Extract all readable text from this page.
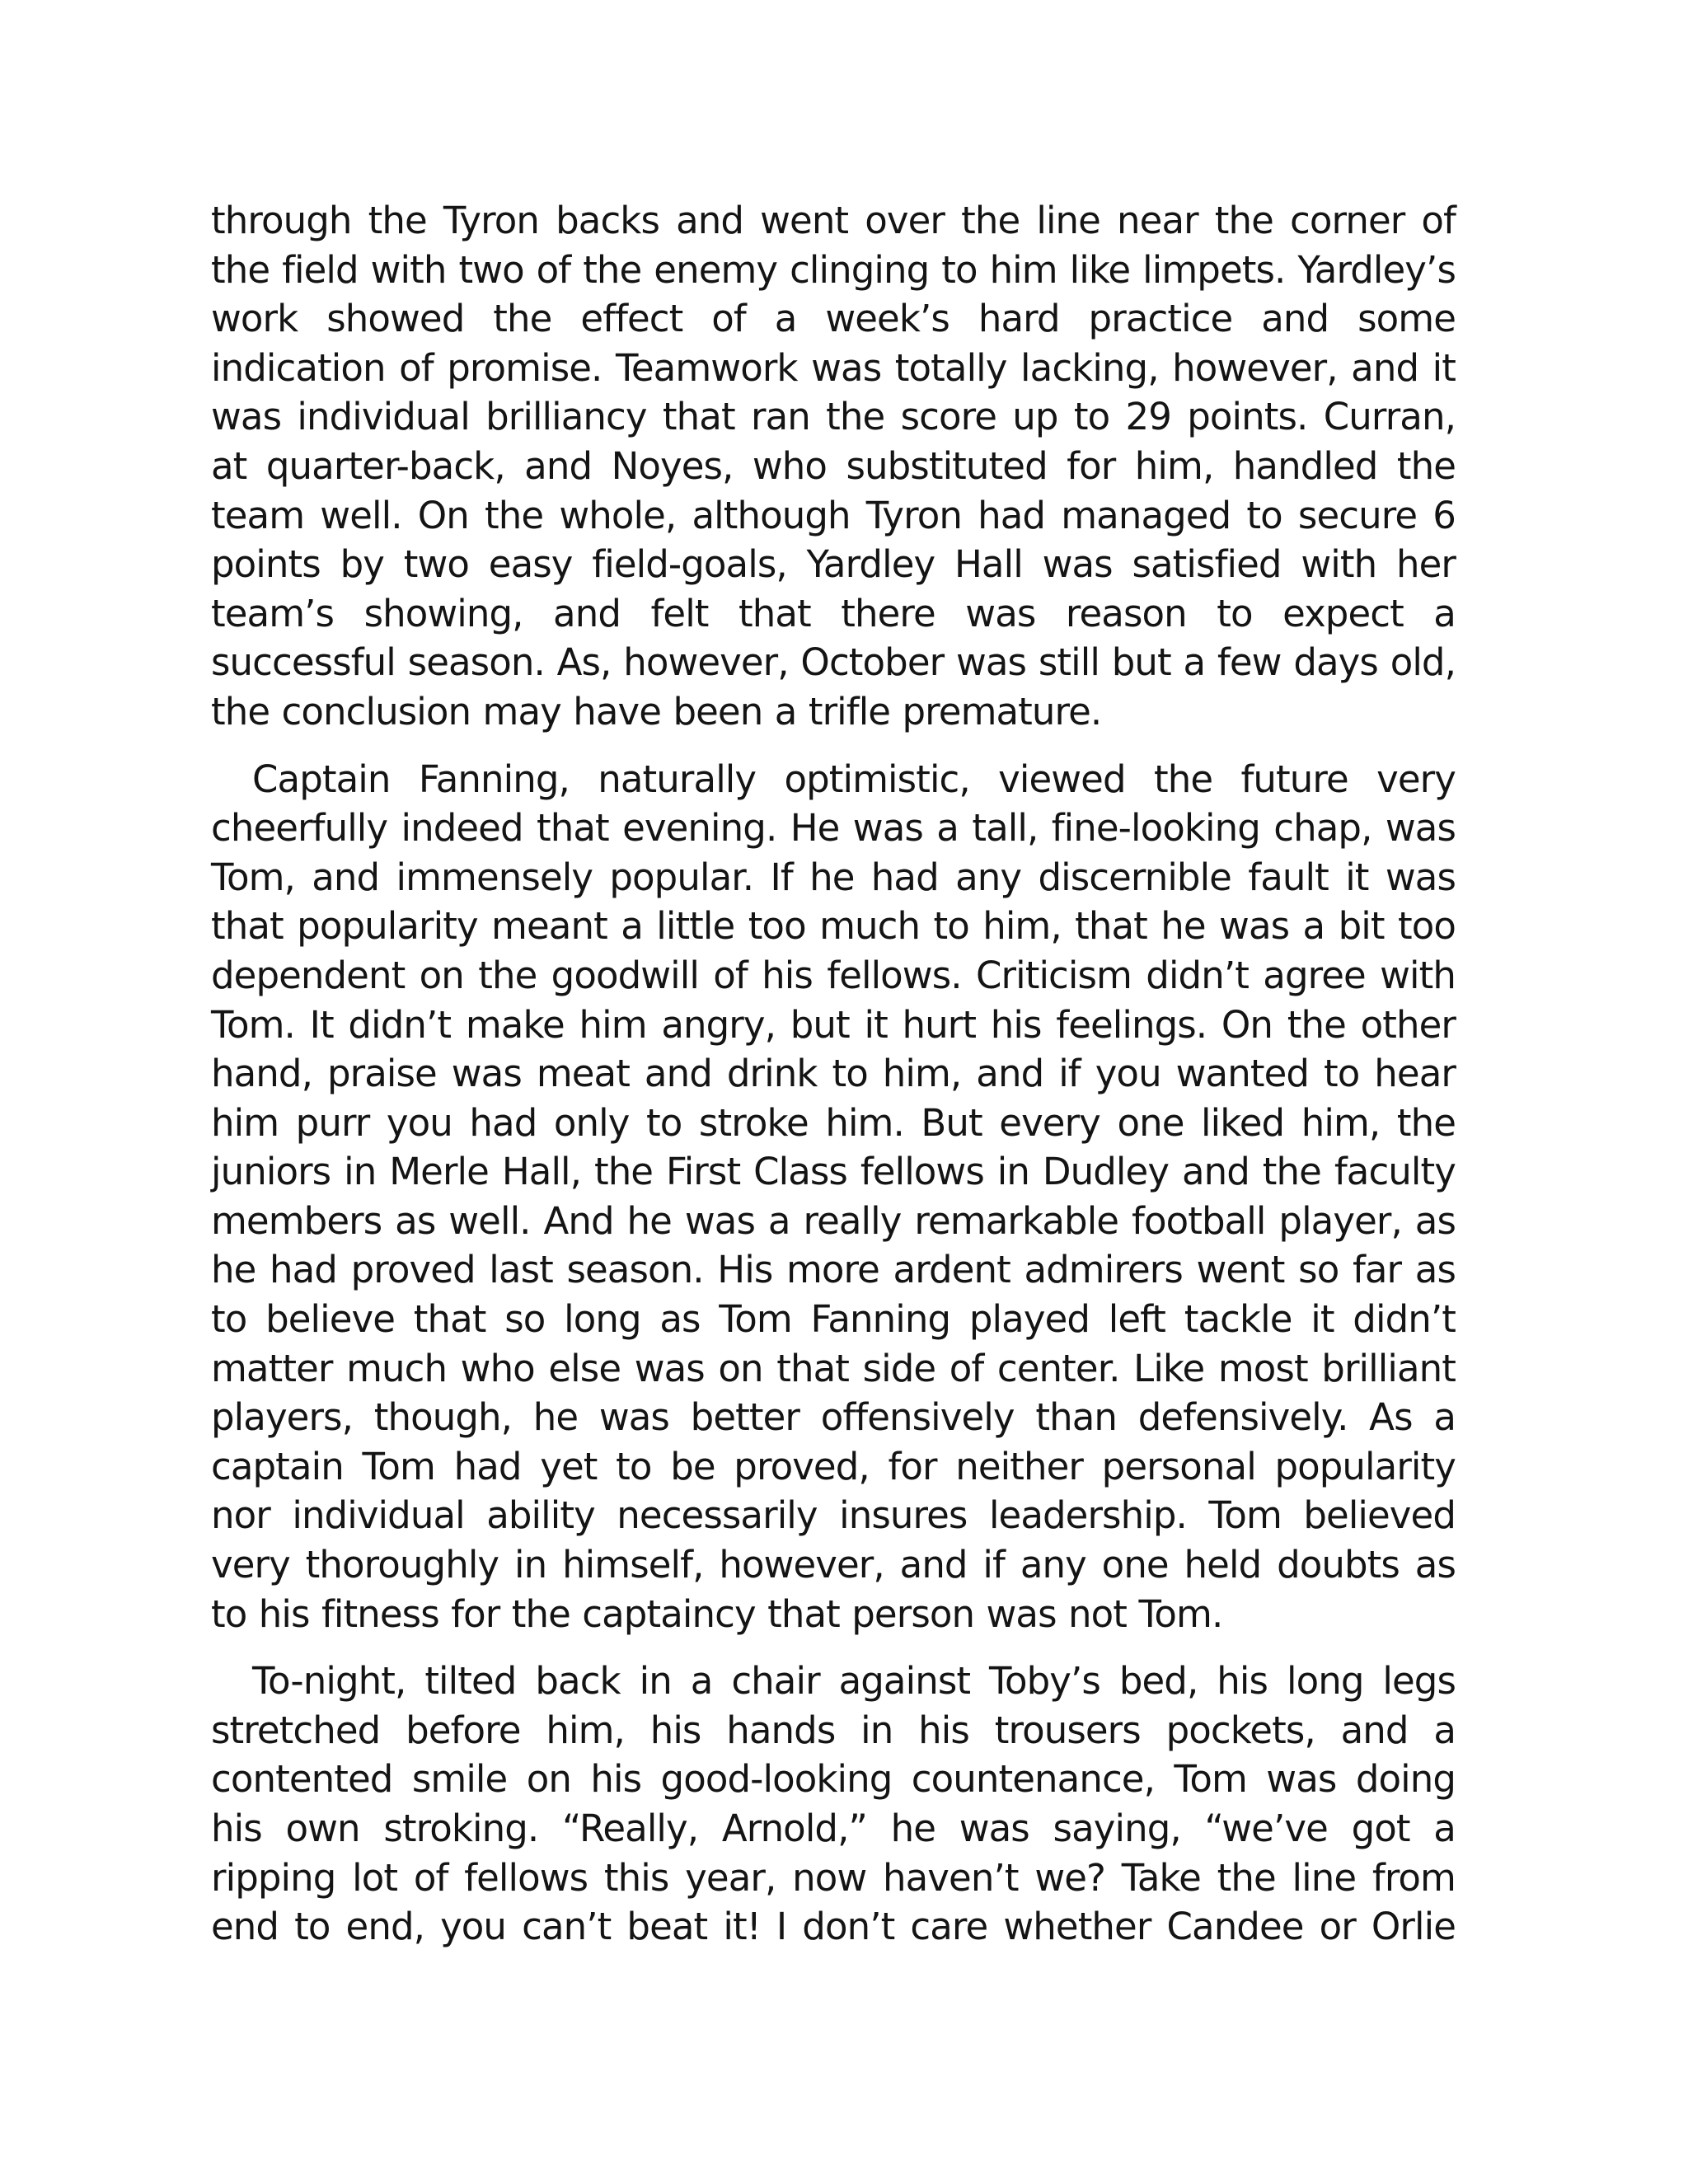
through the Tyron backs and went over the line near the corner of the field with two of the enemy clinging to him like limpets. Yardley’s work showed the effect of a week’s hard practice and some indication of promise. Teamwork was totally lacking, however, and it was individual brilliancy that ran the score up to 29 points. Curran, at quarter-back, and Noyes, who substituted for him, handled the team well. On the whole, although Tyron had managed to secure 6 points by two easy field-goals, Yardley Hall was satisfied with her team’s showing, and felt that there was reason to expect a successful season. As, however, October was still but a few days old, the conclusion may have been a trifle premature.

Captain Fanning, naturally optimistic, viewed the future very cheerfully indeed that evening. He was a tall, fine-looking chap, was Tom, and immensely popular. If he had any discernible fault it was that popularity meant a little too much to him, that he was a bit too dependent on the goodwill of his fellows. Criticism didn’t agree with Tom. It didn’t make him angry, but it hurt his feelings. On the other hand, praise was meat and drink to him, and if you wanted to hear him purr you had only to stroke him. But every one liked him, the juniors in Merle Hall, the First Class fellows in Dudley and the faculty members as well. And he was a really remarkable football player, as he had proved last season. His more ardent admirers went so far as to believe that so long as Tom Fanning played left tackle it didn’t matter much who else was on that side of center. Like most brilliant players, though, he was better offensively than defensively. As a captain Tom had yet to be proved, for neither personal popularity nor individual ability necessarily insures leadership. Tom believed very thoroughly in himself, however, and if any one held doubts as to his fitness for the captaincy that person was not Tom.

To-night, tilted back in a chair against Toby’s bed, his long legs stretched before him, his hands in his trousers pockets, and a contented smile on his good-looking countenance, Tom was doing his own stroking. “Really, Arnold,” he was saying, “we’ve got a ripping lot of fellows this year, now haven’t we? Take the line from end to end, you can’t beat it! I don’t care whether Candee or Orlie
